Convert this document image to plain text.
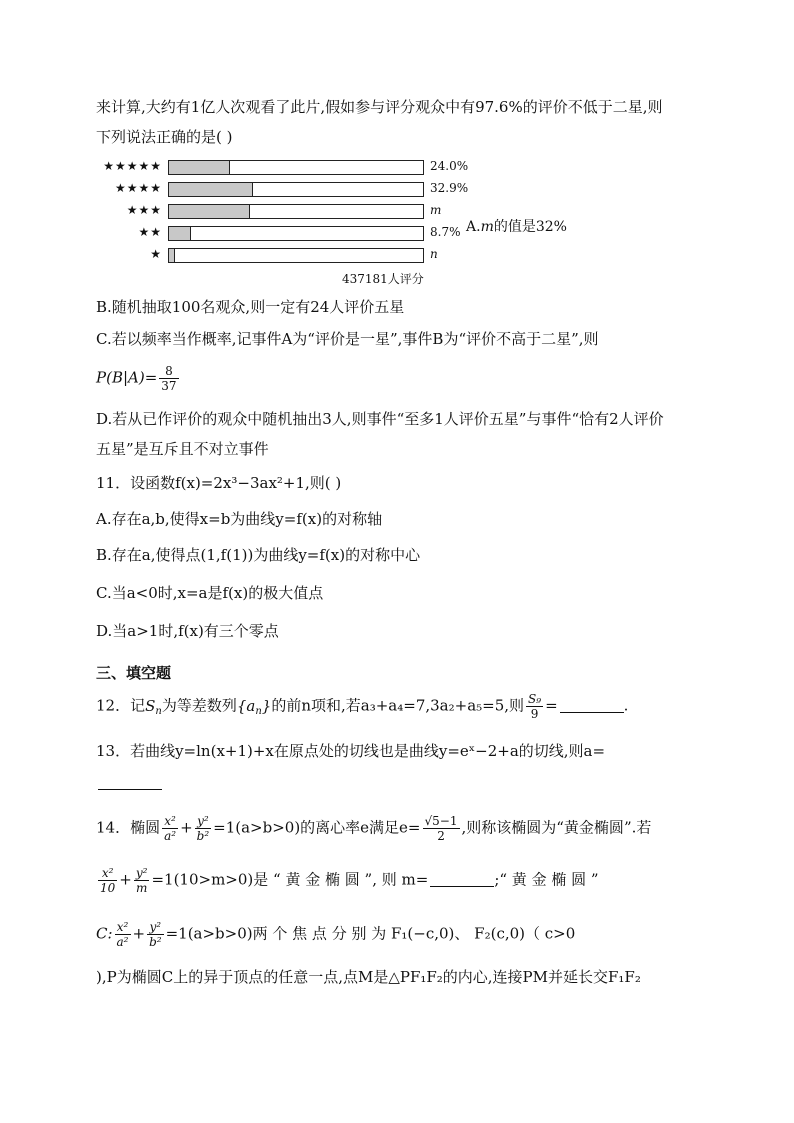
来计算,大约有1亿人次观看了此片,假如参与评分观众中有97.6%的评价不低于二星,则
下列说法正确的是( )
★★★★★	24.0%
★★★★	32.9%
★★★	m
★★	8.7%
★	n
437181人评分
A.m的值是32%
B.随机抽取100名观众,则一定有24人评价五星
C.若以频率当作概率,记事件A为“评价是一星”,事件B为“评价不高于二星”,则
$P(B|A)= \frac{8}{37}$
D.若从已作评价的观众中随机抽出3人,则事件“至多1人评价五星”与事件“恰有2人评价
五星”是互斥且不对立事件
11．设函数f(x)=2x³−3ax²+1,则( )
A.存在a,b,使得x=b为曲线y=f(x)的对称轴
B.存在a,使得点(1,f(1))为曲线y=f(x)的对称中心
C.当a<0时,x=a是f(x)的极大值点
D.当a>1时,f(x)有三个零点
三、填空题
12．记$S_n$为等差数列$\{a_n\}$的前n项和,若a₃+a₄=7,3a₂+a₅=5,则 $\frac{\text{S₉}}{9}$ =	.
13．若曲线y=ln(x+1)+x在原点处的切线也是曲线y=eˣ−2+a的切线,则a=
14．椭圆 $\frac{\text{x²}}{\text{a²}} + \frac{\text{y²}}{\text{b²}} =1(a>b>0)$的离心率e满足$e= \frac{√5-1}{2}$ ,则称该椭圆为“黄金椭圆”.若
$\frac{\text{x²}}{10} + \frac{\text{y²}}{m} =1(10>m>0)$是 “ 黄 金 椭 圆 ”, 则 m=	;“ 黄 金 椭 圆 ”
C: $\frac{\text{x²}}{\text{a²}} + \frac{\text{y²}}{\text{b²}} =1(a>b>0)$两 个 焦 点 分 别 为 F₁(−c,0)、 F₂(c,0)（ c>0
),P为椭圆C上的异于顶点的任意一点,点M是△PF₁F₂的内心,连接PM并延长交F₁F₂
